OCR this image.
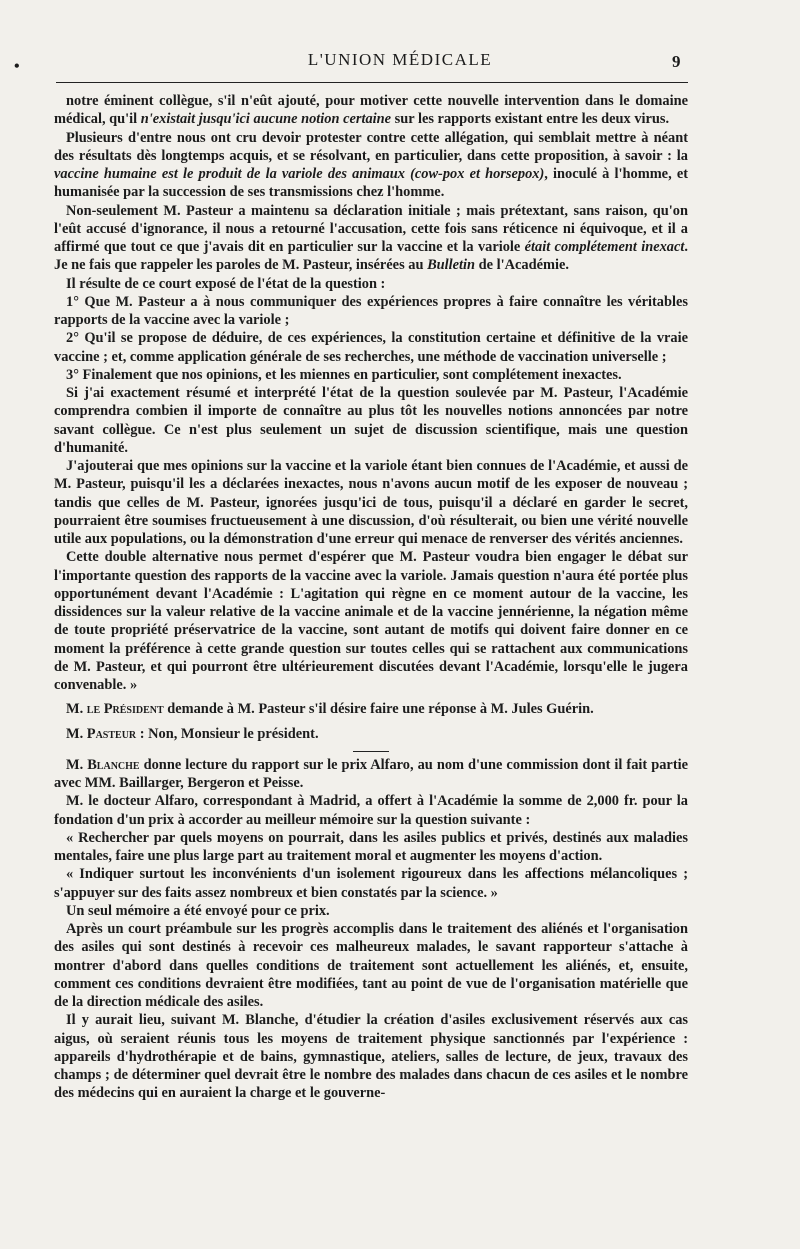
•	L'UNION MÉDICALE	9

notre éminent collègue, s'il n'eût ajouté, pour motiver cette nouvelle intervention dans le domaine médical, qu'il n'existait jusqu'ici aucune notion certaine sur les rapports existant entre les deux virus.

Plusieurs d'entre nous ont cru devoir protester contre cette allégation, qui semblait mettre à néant des résultats dès longtemps acquis, et se résolvant, en particulier, dans cette proposition, à savoir : la vaccine humaine est le produit de la variole des animaux (cow-pox et horsepox), inoculé à l'homme, et humanisée par la succession de ses transmissions chez l'homme.

Non-seulement M. Pasteur a maintenu sa déclaration initiale ; mais prétextant, sans raison, qu'on l'eût accusé d'ignorance, il nous a retourné l'accusation, cette fois sans réticence ni équivoque, et il a affirmé que tout ce que j'avais dit en particulier sur la vaccine et la variole était complétement inexact. Je ne fais que rappeler les paroles de M. Pasteur, insérées au Bulletin de l'Académie.

Il résulte de ce court exposé de l'état de la question :

1° Que M. Pasteur a à nous communiquer des expériences propres à faire connaître les véritables rapports de la vaccine avec la variole ;

2° Qu'il se propose de déduire, de ces expériences, la constitution certaine et définitive de la vraie vaccine ; et, comme application générale de ses recherches, une méthode de vaccination universelle ;

3° Finalement que nos opinions, et les miennes en particulier, sont complétement inexactes.

Si j'ai exactement résumé et interprété l'état de la question soulevée par M. Pasteur, l'Académie comprendra combien il importe de connaître au plus tôt les nouvelles notions annoncées par notre savant collègue. Ce n'est plus seulement un sujet de discussion scientifique, mais une question d'humanité.

J'ajouterai que mes opinions sur la vaccine et la variole étant bien connues de l'Académie, et aussi de M. Pasteur, puisqu'il les a déclarées inexactes, nous n'avons aucun motif de les exposer de nouveau ; tandis que celles de M. Pasteur, ignorées jusqu'ici de tous, puisqu'il a déclaré en garder le secret, pourraient être soumises fructueusement à une discussion, d'où résulterait, ou bien une vérité nouvelle utile aux populations, ou la démonstration d'une erreur qui menace de renverser des vérités anciennes.

Cette double alternative nous permet d'espérer que M. Pasteur voudra bien engager le débat sur l'importante question des rapports de la vaccine avec la variole. Jamais question n'aura été portée plus opportunément devant l'Académie : L'agitation qui règne en ce moment autour de la vaccine, les dissidences sur la valeur relative de la vaccine animale et de la vaccine jennérienne, la négation même de toute propriété préservatrice de la vaccine, sont autant de motifs qui doivent faire donner en ce moment la préférence à cette grande question sur toutes celles qui se rattachent aux communications de M. Pasteur, et qui pourront être ultérieurement discutées devant l'Académie, lorsqu'elle le jugera convenable. »

M. le Président demande à M. Pasteur s'il désire faire une réponse à M. Jules Guérin.

M. Pasteur : Non, Monsieur le président.

M. Blanche donne lecture du rapport sur le prix Alfaro, au nom d'une commission dont il fait partie avec MM. Baillarger, Bergeron et Peisse.

M. le docteur Alfaro, correspondant à Madrid, a offert à l'Académie la somme de 2,000 fr. pour la fondation d'un prix à accorder au meilleur mémoire sur la question suivante :

« Rechercher par quels moyens on pourrait, dans les asiles publics et privés, destinés aux maladies mentales, faire une plus large part au traitement moral et augmenter les moyens d'action.

« Indiquer surtout les inconvénients d'un isolement rigoureux dans les affections mélancoliques ; s'appuyer sur des faits assez nombreux et bien constatés par la science. »

Un seul mémoire a été envoyé pour ce prix.

Après un court préambule sur les progrès accomplis dans le traitement des aliénés et l'organisation des asiles qui sont destinés à recevoir ces malheureux malades, le savant rapporteur s'attache à montrer d'abord dans quelles conditions de traitement sont actuellement les aliénés, et, ensuite, comment ces conditions devraient être modifiées, tant au point de vue de l'organisation matérielle que de la direction médicale des asiles.

Il y aurait lieu, suivant M. Blanche, d'étudier la création d'asiles exclusivement réservés aux cas aigus, où seraient réunis tous les moyens de traitement physique sanctionnés par l'expérience : appareils d'hydrothérapie et de bains, gymnastique, ateliers, salles de lecture, de jeux, travaux des champs ; de déterminer quel devrait être le nombre des malades dans chacun de ces asiles et le nombre des médecins qui en auraient la charge et le gouverne-
